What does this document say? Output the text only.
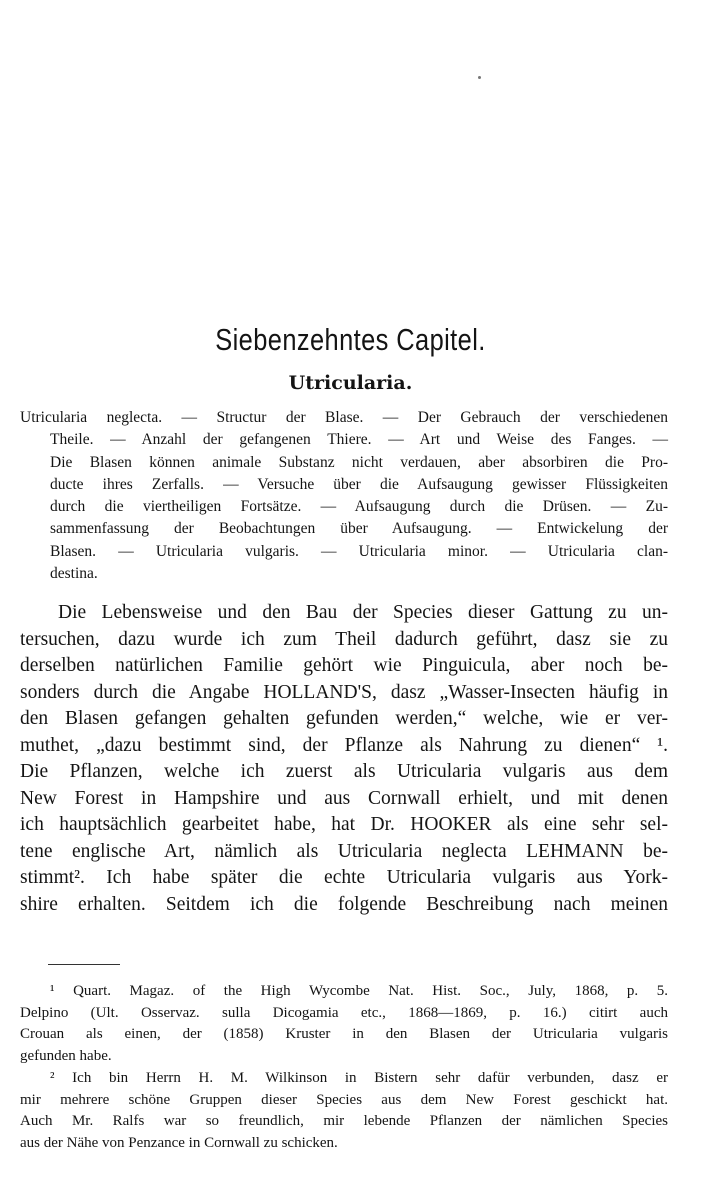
Siebenzehntes Capitel.
Utricularia.
Utricularia neglecta. — Structur der Blase. — Der Gebrauch der verschiedenen
Theile. — Anzahl der gefangenen Thiere. — Art und Weise des Fanges. —
Die Blasen können animale Substanz nicht verdauen, aber absorbiren die Pro-
ducte ihres Zerfalls. — Versuche über die Aufsaugung gewisser Flüssigkeiten
durch die viertheiligen Fortsätze. — Aufsaugung durch die Drüsen. — Zu-
sammenfassung der Beobachtungen über Aufsaugung. — Entwickelung der
Blasen. — Utricularia vulgaris. — Utricularia minor. — Utricularia clan-
destina.
Die Lebensweise und den Bau der Species dieser Gattung zu un-
tersuchen, dazu wurde ich zum Theil dadurch geführt, dasz sie zu
derselben natürlichen Familie gehört wie Pinguicula, aber noch be-
sonders durch die Angabe HOLLAND'S, dasz „Wasser-Insecten häufig in
den Blasen gefangen gehalten gefunden werden,“ welche, wie er ver-
muthet, „dazu bestimmt sind, der Pflanze als Nahrung zu dienen“ ¹.
Die Pflanzen, welche ich zuerst als Utricularia vulgaris aus dem
New Forest in Hampshire und aus Cornwall erhielt, und mit denen
ich hauptsächlich gearbeitet habe, hat Dr. HOOKER als eine sehr sel-
tene englische Art, nämlich als Utricularia neglecta LEHMANN be-
stimmt². Ich habe später die echte Utricularia vulgaris aus York-
shire erhalten. Seitdem ich die folgende Beschreibung nach meinen
¹ Quart. Magaz. of the High Wycombe Nat. Hist. Soc., July, 1868, p. 5.
Delpino (Ult. Osservaz. sulla Dicogamia etc., 1868—1869, p. 16.) citirt auch
Crouan als einen, der (1858) Kruster in den Blasen der Utricularia vulgaris
gefunden habe.
² Ich bin Herrn H. M. Wilkinson in Bistern sehr dafür verbunden, dasz er
mir mehrere schöne Gruppen dieser Species aus dem New Forest geschickt hat.
Auch Mr. Ralfs war so freundlich, mir lebende Pflanzen der nämlichen Species
aus der Nähe von Penzance in Cornwall zu schicken.
